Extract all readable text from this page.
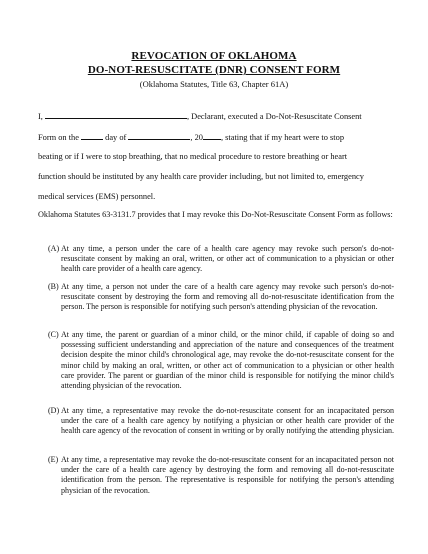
REVOCATION OF OKLAHOMA
DO-NOT-RESUSCITATE (DNR) CONSENT FORM
(Oklahoma Statutes, Title 63, Chapter 61A)
I,	, Declarant, executed a Do-Not-Resuscitate Consent
Form on the	day of	, 20 , stating that if my heart were to stop
beating or if I were to stop breathing, that no medical procedure to restore breathing or heart
function should be instituted by any health care provider including, but not limited to, emergency
medical services (EMS) personnel.
Oklahoma Statutes 63-3131.7 provides that I may revoke this Do-Not-Resuscitate Consent Form as follows:
(A) At any time, a person under the care of a health care agency may revoke such person's do-not-resuscitate consent by making an oral, written, or other act of communication to a physician or other health care provider of a health care agency.
(B) At any time, a person not under the care of a health care agency may revoke such person's do-not-resuscitate consent by destroying the form and removing all do-not-resuscitate identification from the person. The person is responsible for notifying such person's attending physician of the revocation.
(C) At any time, the parent or guardian of a minor child, or the minor child, if capable of doing so and possessing sufficient understanding and appreciation of the nature and consequences of the treatment decision despite the minor child's chronological age, may revoke the do-not-resuscitate consent for the minor child by making an oral, written, or other act of communication to a physician or other health care provider. The parent or guardian of the minor child is responsible for notifying the minor child's attending physician of the revocation.
(D) At any time, a representative may revoke the do-not-resuscitate consent for an incapacitated person under the care of a health care agency by notifying a physician or other health care provider of the health care agency of the revocation of consent in writing or by orally notifying the attending physician.
(E) At any time, a representative may revoke the do-not-resuscitate consent for an incapacitated person not under the care of a health care agency by destroying the form and removing all do-not-resuscitate identification from the person. The representative is responsible for notifying the person's attending physician of the revocation.
